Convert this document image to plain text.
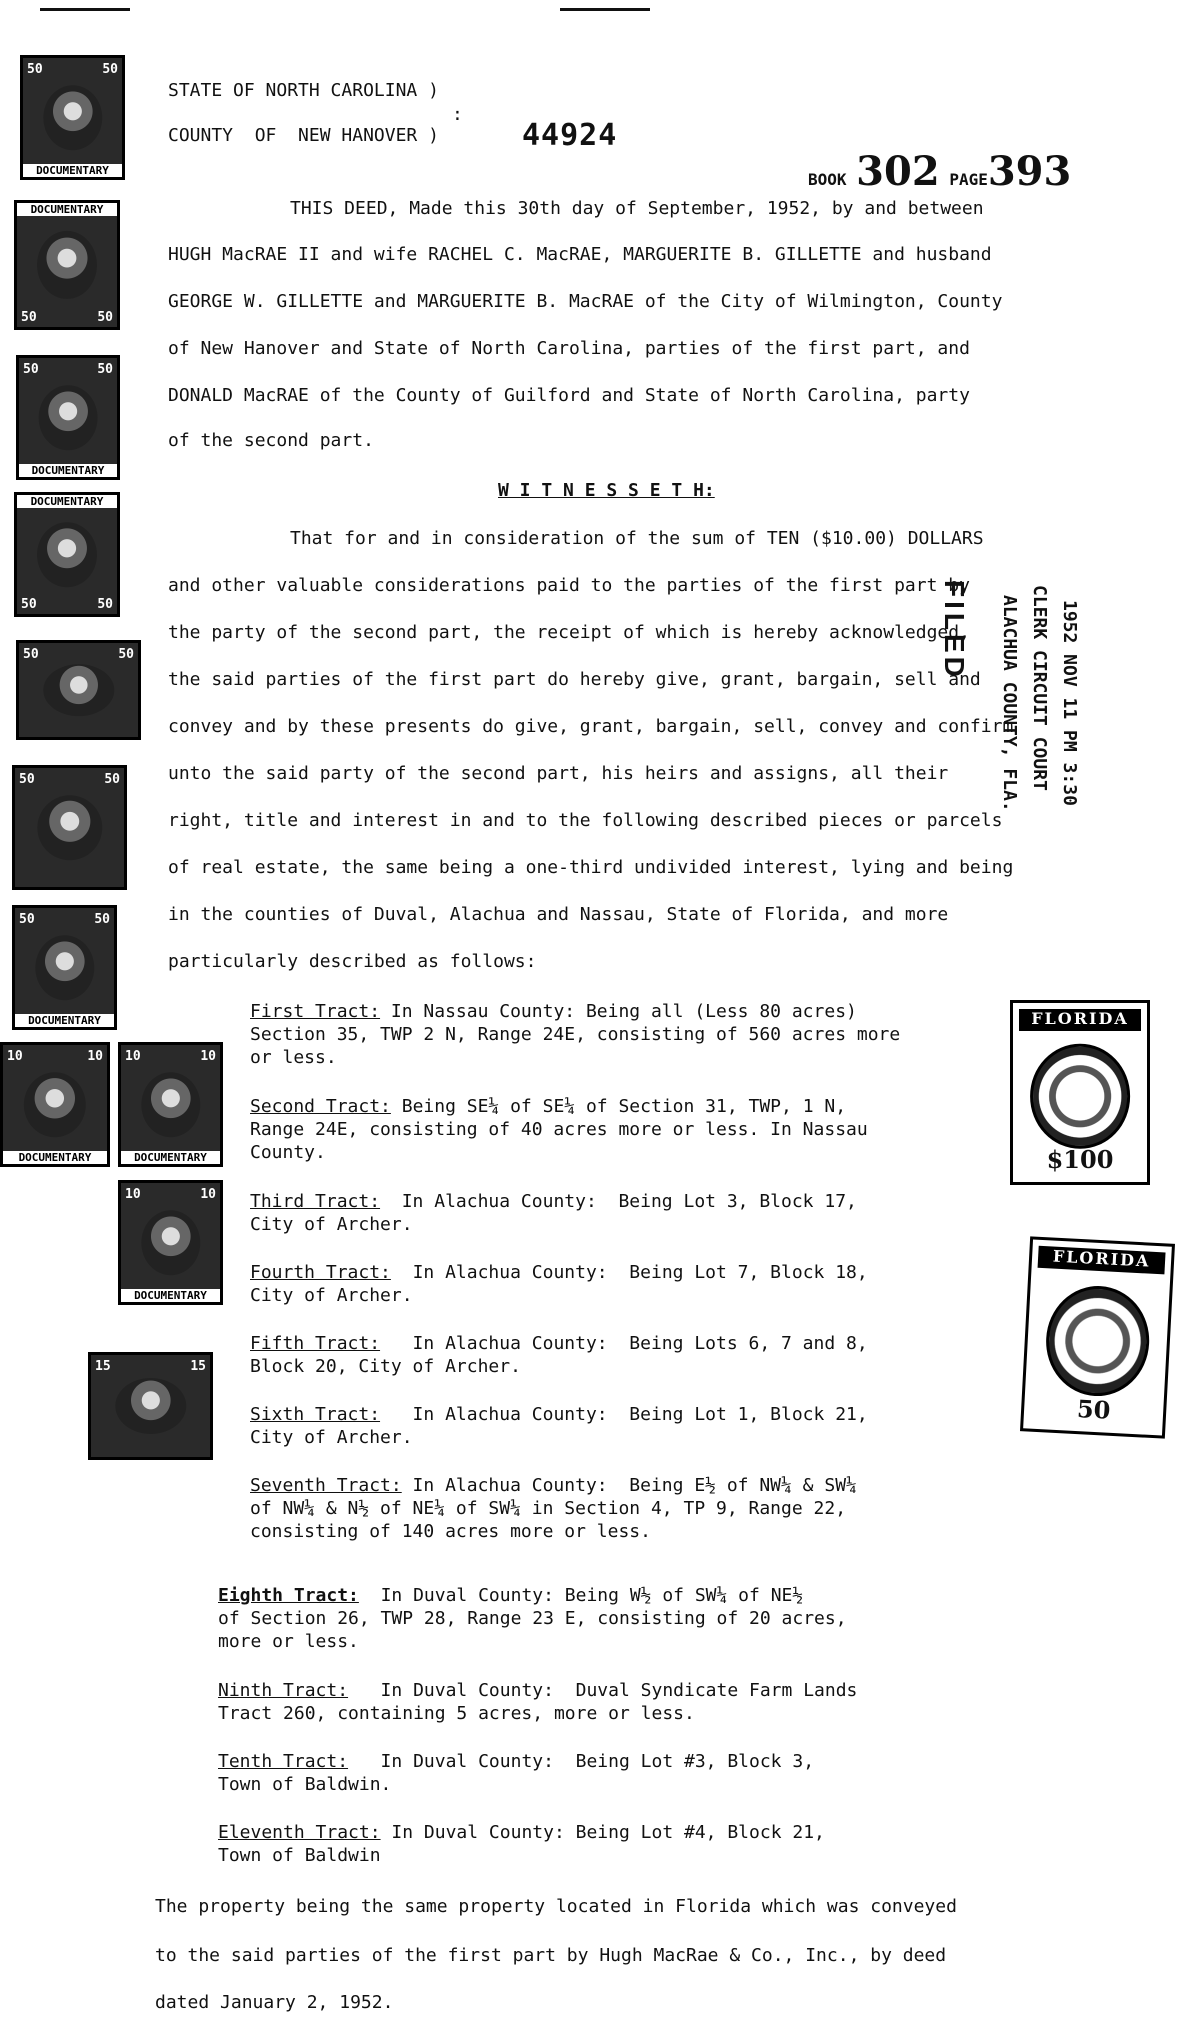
STATE OF NORTH CAROLINA )
COUNTY  OF  NEW HANOVER )
:
44924
BOOK 302 PAGE393
THIS DEED, Made this 30th day of September, 1952, by and between
HUGH MacRAE II and wife RACHEL C. MacRAE, MARGUERITE B. GILLETTE and husband
GEORGE W. GILLETTE and MARGUERITE B. MacRAE of the City of Wilmington, County
of New Hanover and State of North Carolina, parties of the first part, and
DONALD MacRAE of the County of Guilford and State of North Carolina, party
of the second part.
W I T N E S S E T H:
That for and in consideration of the sum of TEN ($10.00) DOLLARS
and other valuable considerations paid to the parties of the first part by
the party of the second part, the receipt of which is hereby acknowledged,
the said parties of the first part do hereby give, grant, bargain, sell and
convey and by these presents do give, grant, bargain, sell, convey and confirm
unto the said party of the second part, his heirs and assigns, all their
right, title and interest in and to the following described pieces or parcels
of real estate, the same being a one-third undivided interest, lying and being
in the counties of Duval, Alachua and Nassau, State of Florida, and more
particularly described as follows:
First Tract: In Nassau County: Being all (Less 80 acres)
Section 35, TWP 2 N, Range 24E, consisting of 560 acres more
or less.
Second Tract: Being SE¼ of SE¼ of Section 31, TWP, 1 N,
Range 24E, consisting of 40 acres more or less. In Nassau
County.
Third Tract:  In Alachua County:  Being Lot 3, Block 17,
City of Archer.
Fourth Tract:  In Alachua County:  Being Lot 7, Block 18,
City of Archer.
Fifth Tract:   In Alachua County:  Being Lots 6, 7 and 8,
Block 20, City of Archer.
Sixth Tract:   In Alachua County:  Being Lot 1, Block 21,
City of Archer.
Seventh Tract: In Alachua County:  Being E½ of NW¼ & SW¼
of NW¼ & N½ of NE¼ of SW¼ in Section 4, TP 9, Range 22,
consisting of 140 acres more or less.
Eighth Tract:  In Duval County: Being W½ of SW¼ of NE½
of Section 26, TWP 28, Range 23 E, consisting of 20 acres,
more or less.
Ninth Tract:   In Duval County:  Duval Syndicate Farm Lands
Tract 260, containing 5 acres, more or less.
Tenth Tract:   In Duval County:  Being Lot #3, Block 3,
Town of Baldwin.
Eleventh Tract: In Duval County: Being Lot #4, Block 21,
Town of Baldwin
The property being the same property located in Florida which was conveyed
to the said parties of the first part by Hugh MacRae & Co., Inc., by deed
dated January 2, 1952.
FILED	1952 NOV 11 PM 3:30
CLERK CIRCUIT COURT
ALACHUA COUNTY, FLA.
DOCUMENTARY
50	50
DOCUMENTARY
50	50
DOCUMENTARY
50	50
DOCUMENTARY
50	50
50	50
50	50
DOCUMENTARY
50	50
DOCUMENTARY
10	10
DOCUMENTARY
10	10
DOCUMENTARY
10	10
15	15
FLORIDA
$100
FLORIDA
50
